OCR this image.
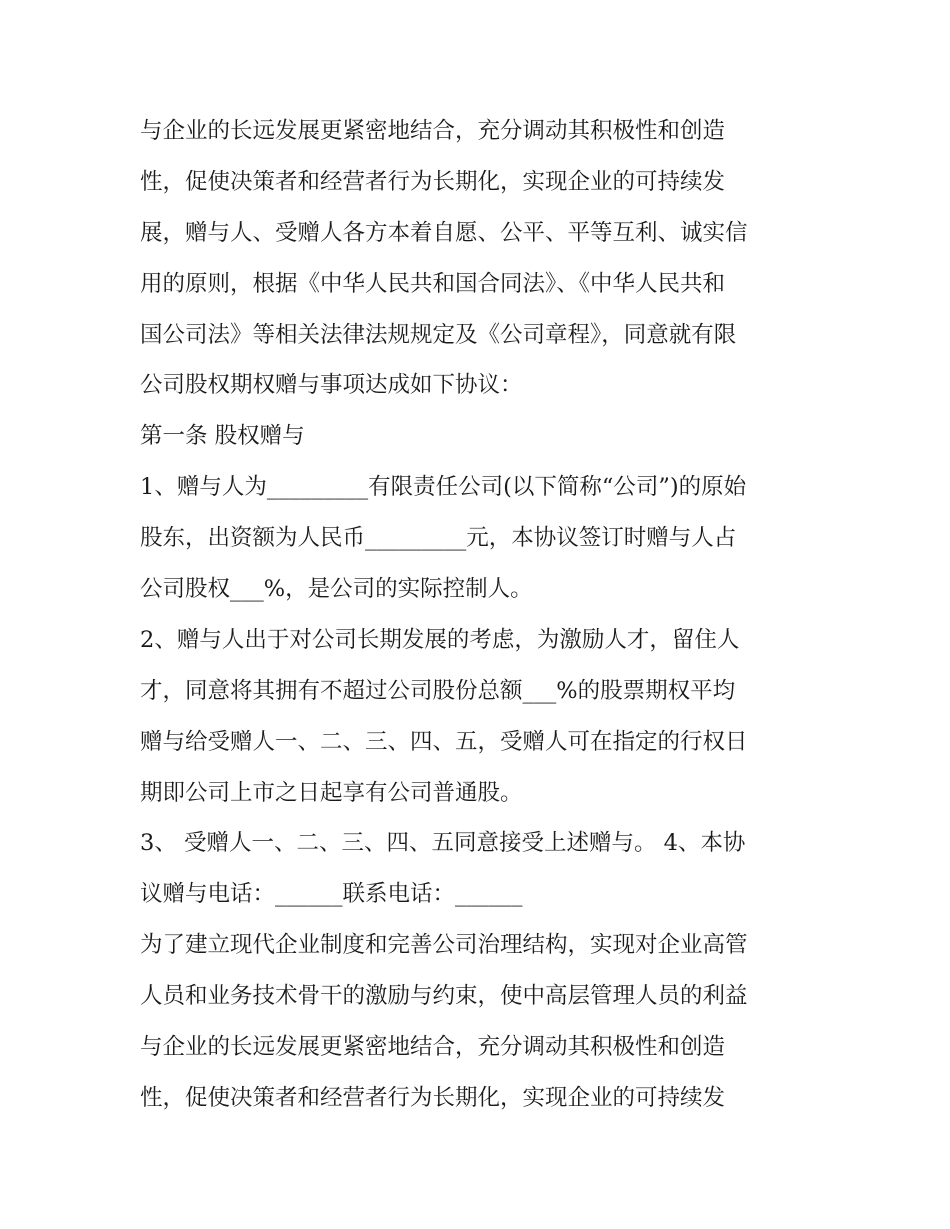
与企业的长远发展更紧密地结合，充分调动其积极性和创造
性，促使决策者和经营者行为长期化，实现企业的可持续发
展，赠与人、受赠人各方本着自愿、公平、平等互利、诚实信
用的原则，根据《中华人民共和国合同法》、《中华人民共和
国公司法》等相关法律法规规定及《公司章程》，同意就有限
公司股权期权赠与事项达成如下协议：
第一条 股权赠与
1、赠与人为_________有限责任公司(以下简称“公司”)的原始
股东，出资额为人民币_________元，本协议签订时赠与人占
公司股权___%，是公司的实际控制人。
2、赠与人出于对公司长期发展的考虑，为激励人才，留住人
才，同意将其拥有不超过公司股份总额___%的股票期权平均
赠与给受赠人一、二、三、四、五，受赠人可在指定的行权日
期即公司上市之日起享有公司普通股。
3、 受赠人一、二、三、四、五同意接受上述赠与。 4、本协
议赠与电话：______联系电话：______
为了建立现代企业制度和完善公司治理结构，实现对企业高管
人员和业务技术骨干的激励与约束，使中高层管理人员的利益
与企业的长远发展更紧密地结合，充分调动其积极性和创造
性，促使决策者和经营者行为长期化，实现企业的可持续发
